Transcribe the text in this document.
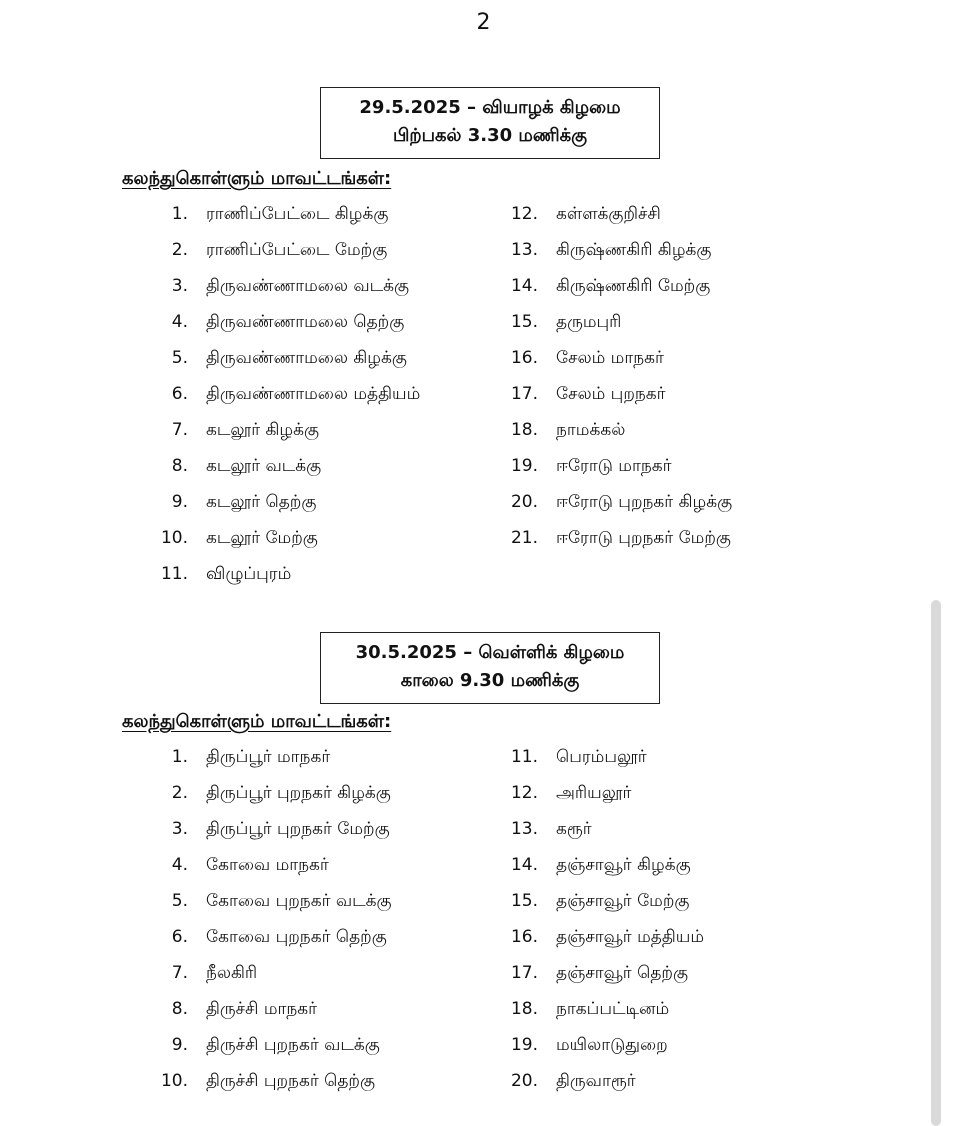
2
29.5.2025 – வியாழக் கிழமை
பிற்பகல் 3.30 மணிக்கு
கலந்துகொள்ளும் மாவட்டங்கள்:
1. ராணிப்பேட்டை கிழக்கு
2. ராணிப்பேட்டை மேற்கு
3. திருவண்ணாமலை வடக்கு
4. திருவண்ணாமலை தெற்கு
5. திருவண்ணாமலை கிழக்கு
6. திருவண்ணாமலை மத்தியம்
7. கடலூர் கிழக்கு
8. கடலூர் வடக்கு
9. கடலூர் தெற்கு
10. கடலூர் மேற்கு
11. விழுப்புரம்
12. கள்ளக்குறிச்சி
13. கிருஷ்ணகிரி கிழக்கு
14. கிருஷ்ணகிரி மேற்கு
15. தருமபுரி
16. சேலம் மாநகர்
17. சேலம் புறநகர்
18. நாமக்கல்
19. ஈரோடு மாநகர்
20. ஈரோடு புறநகர் கிழக்கு
21. ஈரோடு புறநகர் மேற்கு
30.5.2025 – வெள்ளிக் கிழமை
காலை 9.30 மணிக்கு
கலந்துகொள்ளும் மாவட்டங்கள்:
1. திருப்பூர் மாநகர்
2. திருப்பூர் புறநகர் கிழக்கு
3. திருப்பூர் புறநகர் மேற்கு
4. கோவை மாநகர்
5. கோவை புறநகர் வடக்கு
6. கோவை புறநகர் தெற்கு
7. நீலகிரி
8. திருச்சி மாநகர்
9. திருச்சி புறநகர் வடக்கு
10. திருச்சி புறநகர் தெற்கு
11. பெரம்பலூர்
12. அரியலூர்
13. கரூர்
14. தஞ்சாவூர் கிழக்கு
15. தஞ்சாவூர் மேற்கு
16. தஞ்சாவூர் மத்தியம்
17. தஞ்சாவூர் தெற்கு
18. நாகப்பட்டினம்
19. மயிலாடுதுறை
20. திருவாரூர்
